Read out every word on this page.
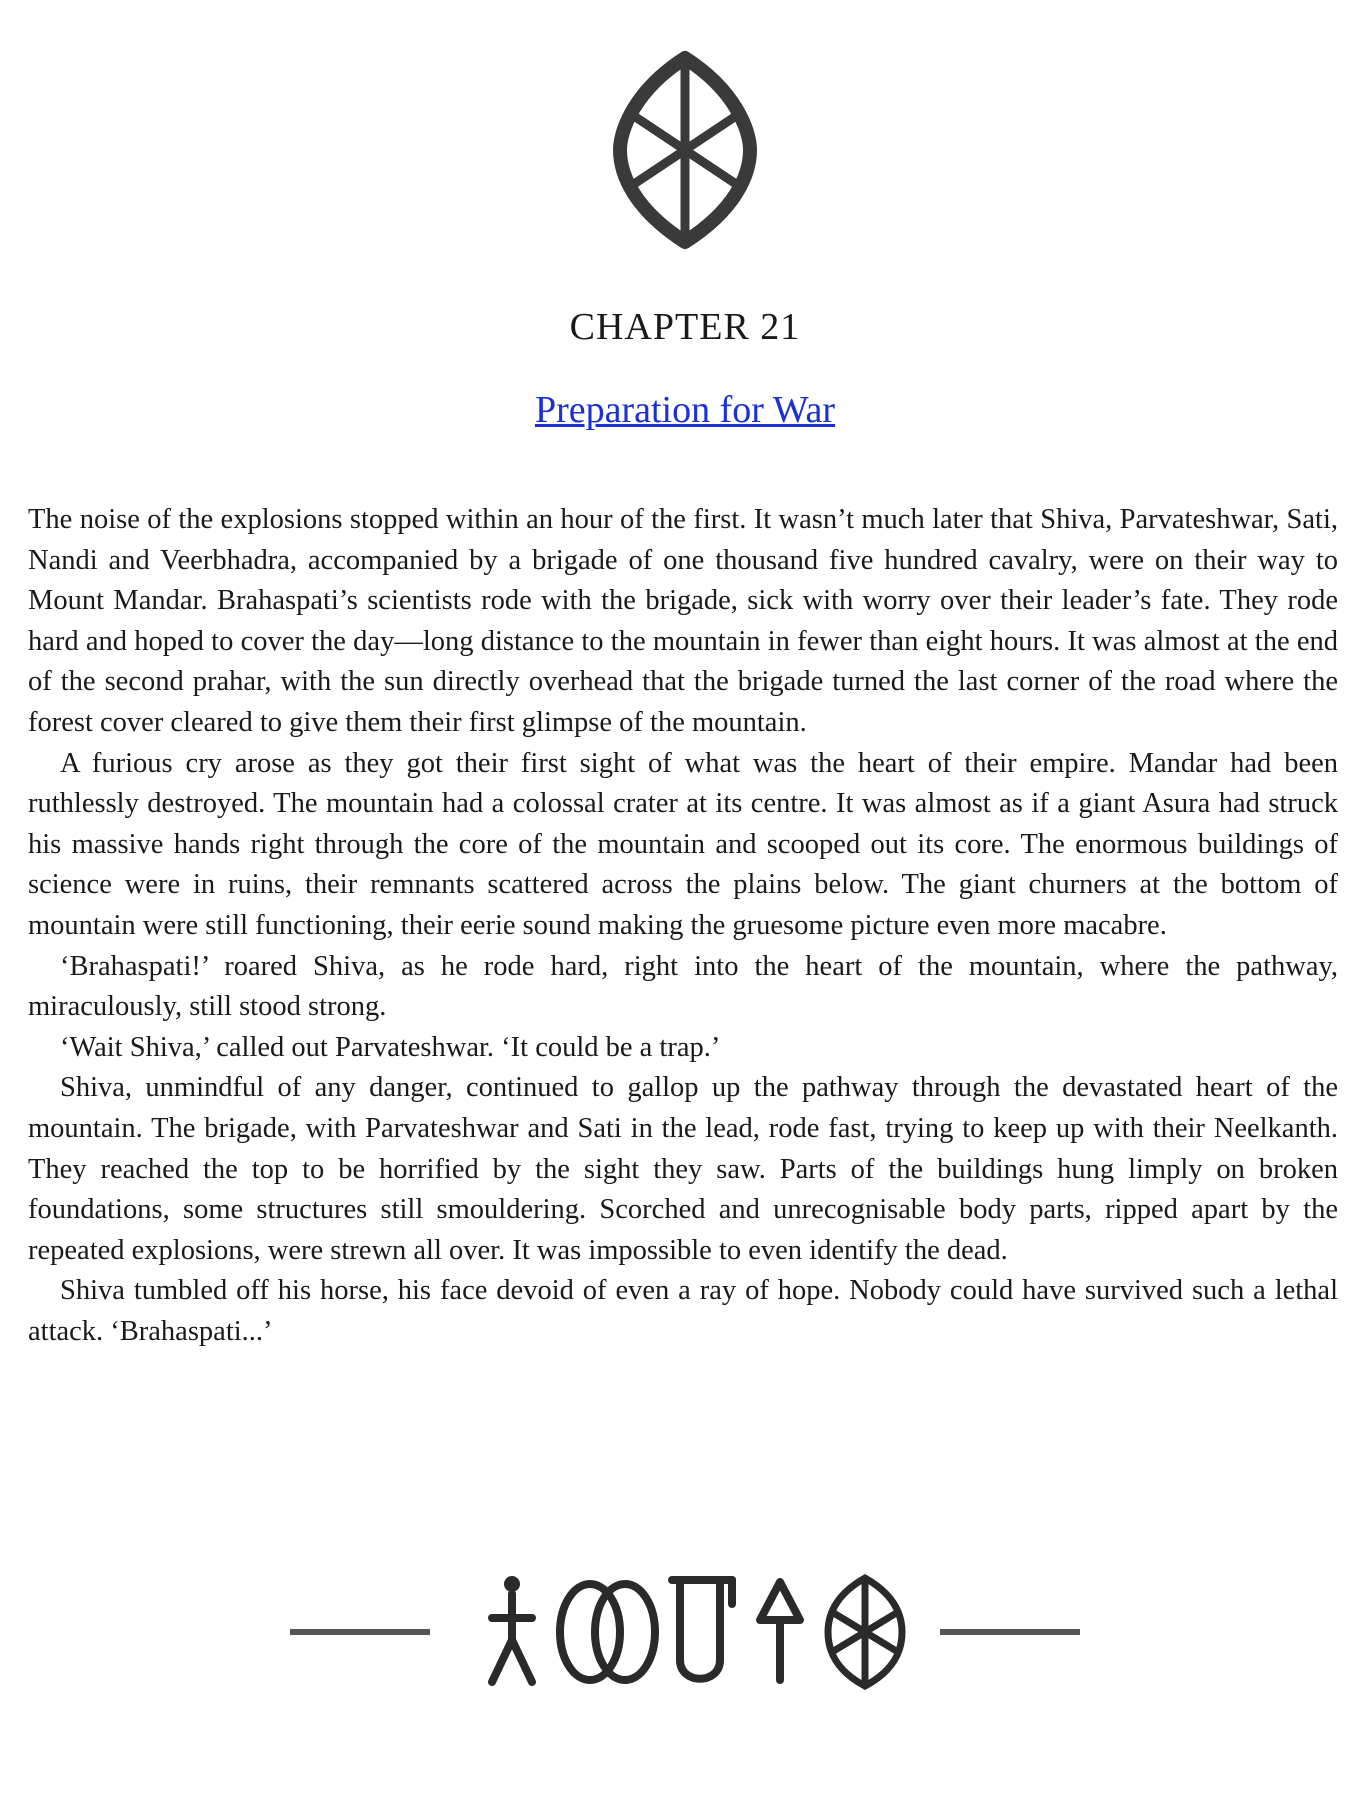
CHAPTER 21
Preparation for War

The noise of the explosions stopped within an hour of the first. It wasn’t much later that Shiva, Parvateshwar, Sati, Nandi and Veerbhadra, accompanied by a brigade of one thousand five hundred cavalry, were on their way to Mount Mandar. Brahaspati’s scientists rode with the brigade, sick with worry over their leader’s fate. They rode hard and hoped to cover the day—long distance to the mountain in fewer than eight hours. It was almost at the end of the second prahar, with the sun directly overhead that the brigade turned the last corner of the road where the forest cover cleared to give them their first glimpse of the mountain.

A furious cry arose as they got their first sight of what was the heart of their empire. Mandar had been ruthlessly destroyed. The mountain had a colossal crater at its centre. It was almost as if a giant Asura had struck his massive hands right through the core of the mountain and scooped out its core. The enormous buildings of science were in ruins, their remnants scattered across the plains below. The giant churners at the bottom of mountain were still functioning, their eerie sound making the gruesome picture even more macabre.

‘Brahaspati!’ roared Shiva, as he rode hard, right into the heart of the mountain, where the pathway, miraculously, still stood strong.

‘Wait Shiva,’ called out Parvateshwar. ‘It could be a trap.’

Shiva, unmindful of any danger, continued to gallop up the pathway through the devastated heart of the mountain. The brigade, with Parvateshwar and Sati in the lead, rode fast, trying to keep up with their Neelkanth. They reached the top to be horrified by the sight they saw. Parts of the buildings hung limply on broken foundations, some structures still smouldering. Scorched and unrecognisable body parts, ripped apart by the repeated explosions, were strewn all over. It was impossible to even identify the dead.

Shiva tumbled off his horse, his face devoid of even a ray of hope. Nobody could have survived such a lethal attack. ‘Brahaspati...’
